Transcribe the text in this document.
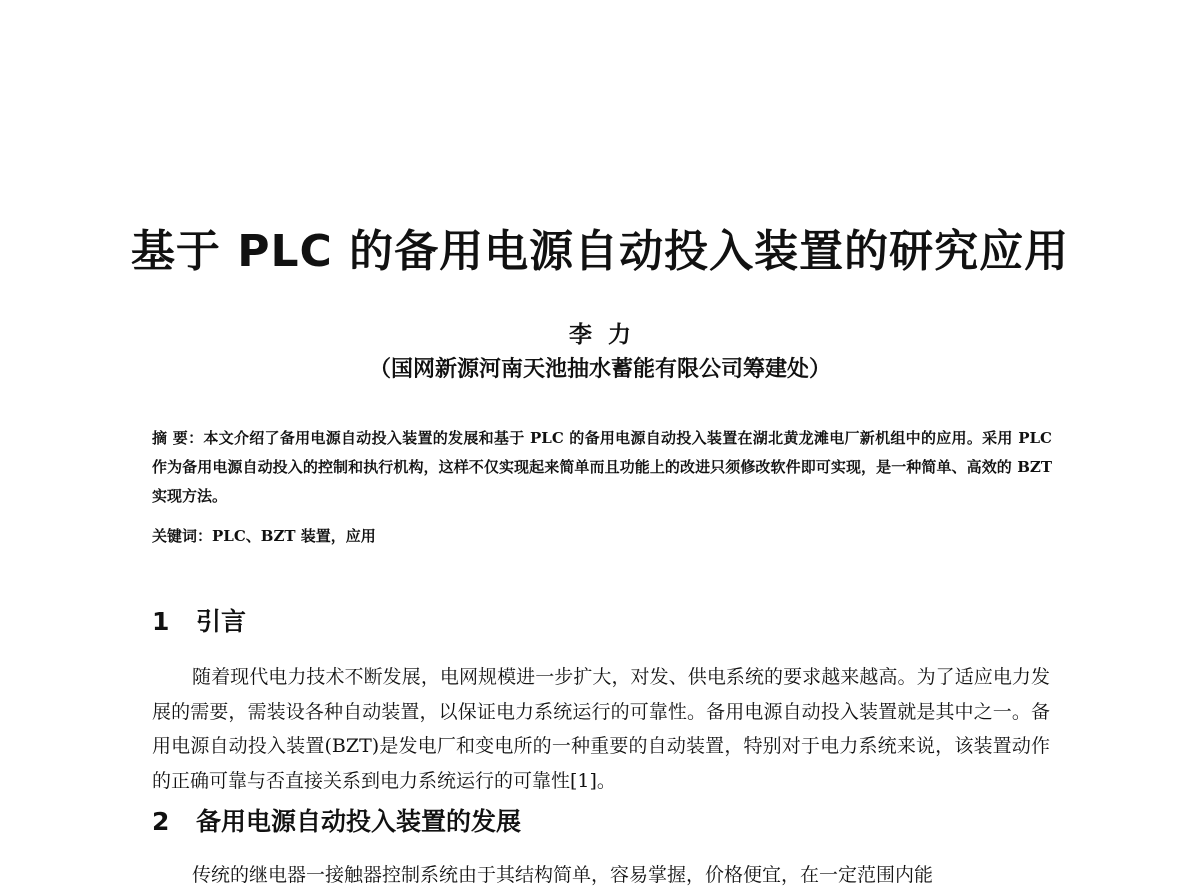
基于 PLC 的备用电源自动投入装置的研究应用
李  力
（国网新源河南天池抽水蓄能有限公司筹建处）

摘 要：本文介绍了备用电源自动投入装置的发展和基于 PLC 的备用电源自动投入装置在湖北黄龙滩电厂新机组中的应用。采用 PLC 作为备用电源自动投入的控制和执行机构，这样不仅实现起来简单而且功能上的改进只须修改软件即可实现，是一种简单、高效的 BZT 实现方法。

关键词：PLC、BZT 装置，应用

1 引言

随着现代电力技术不断发展，电网规模进一步扩大，对发、供电系统的要求越来越高。为了适应电力发展的需要，需装设各种自动装置，以保证电力系统运行的可靠性。备用电源自动投入装置就是其中之一。备用电源自动投入装置(BZT)是发电厂和变电所的一种重要的自动装置，特别对于电力系统来说，该装置动作的正确可靠与否直接关系到电力系统运行的可靠性[1]。

2 备用电源自动投入装置的发展

传统的继电器一接触器控制系统由于其结构简单，容易掌握，价格便宜，在一定范围内能
